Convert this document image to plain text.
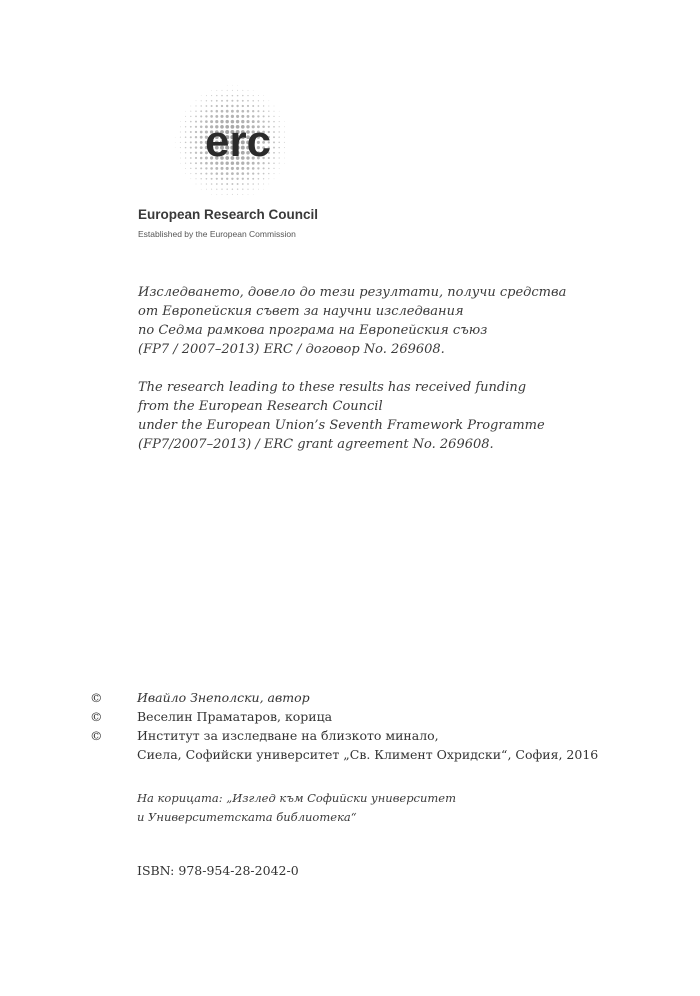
erc
European Research Council
Established by the European Commission
Изследването, довело до тези резултати, получи средства
от Европейския съвет за научни изследвания
по Седма рамкова програма на Европейския съюз
(FP7 / 2007–2013) ERC / договор No. 269608.
The research leading to these results has received funding
from the European Research Council
under the European Union’s Seventh Framework Programme
(FP7/2007–2013) / ERC grant agreement No. 269608.
©	Ивайло Знеполски, автор
©	Веселин Праматаров, корица
©	Институт за изследване на близкото минало,
Сиела, Софийски университет „Св. Климент Охридски“, София, 2016
На корицата: „Изглед към Софийски университет
и Университетската библиотека“
ISBN: 978-954-28-2042-0
